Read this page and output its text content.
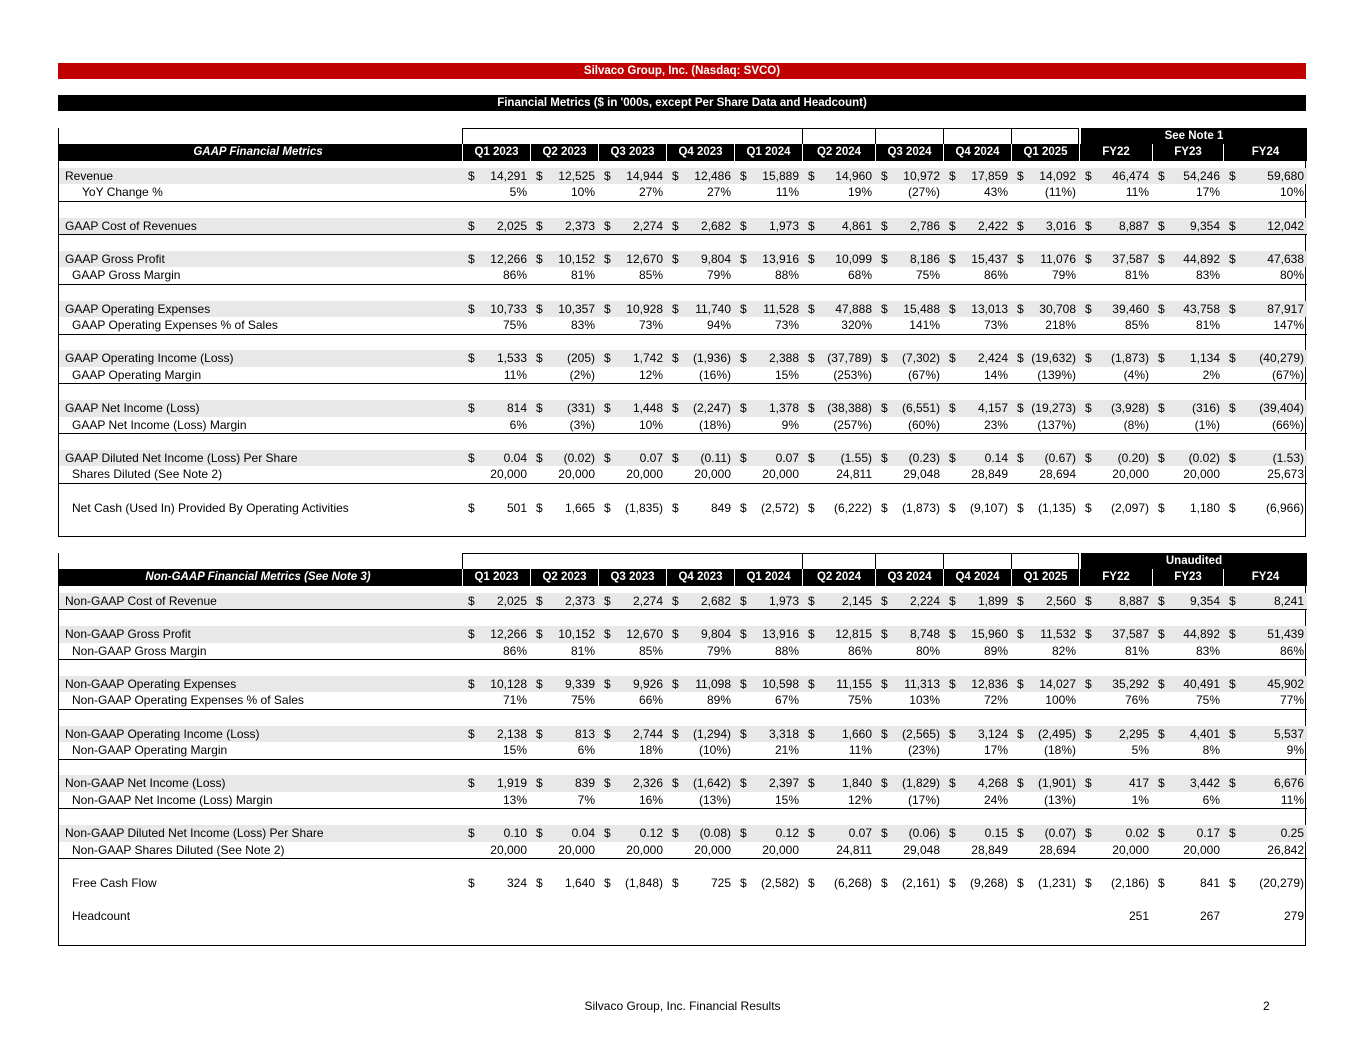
Silvaco Group, Inc. (Nasdaq: SVCO)
Financial Metrics ($ in '000s, except Per Share Data and Headcount)
See Note 1
GAAP Financial Metrics	Q1 2023	Q2 2023	Q3 2023	Q4 2023	Q1 2024	Q2 2024	Q3 2024	Q4 2024	Q1 2025	FY22	FY23	FY24
Revenue	$	14,291	$	12,525	$	14,944	$	12,486	$	15,889	$	14,960	$	10,972	$	17,859	$	14,092	$	46,474	$	54,246	$	59,680
YoY Change %		5%		10%		27%		27%		11%		19%		(27%)		43%		(11%)		11%		17%		10%

GAAP Cost of Revenues	$	2,025	$	2,373	$	2,274	$	2,682	$	1,973	$	4,861	$	2,786	$	2,422	$	3,016	$	8,887	$	9,354	$	12,042

GAAP Gross Profit	$	12,266	$	10,152	$	12,670	$	9,804	$	13,916	$	10,099	$	8,186	$	15,437	$	11,076	$	37,587	$	44,892	$	47,638
GAAP Gross Margin		86%		81%		85%		79%		88%		68%		75%		86%		79%		81%		83%		80%

GAAP Operating Expenses	$	10,733	$	10,357	$	10,928	$	11,740	$	11,528	$	47,888	$	15,488	$	13,013	$	30,708	$	39,460	$	43,758	$	87,917
GAAP Operating Expenses % of Sales		75%		83%		73%		94%		73%		320%		141%		73%		218%		85%		81%		147%

GAAP Operating Income (Loss)	$	1,533	$	(205)	$	1,742	$	(1,936)	$	2,388	$	(37,789)	$	(7,302)	$	2,424	$	(19,632)	$	(1,873)	$	1,134	$	(40,279)
GAAP Operating Margin		11%		(2%)		12%		(16%)		15%		(253%)		(67%)		14%		(139%)		(4%)		2%		(67%)

GAAP Net Income (Loss)	$	814	$	(331)	$	1,448	$	(2,247)	$	1,378	$	(38,388)	$	(6,551)	$	4,157	$	(19,273)	$	(3,928)	$	(316)	$	(39,404)
GAAP Net Income (Loss) Margin		6%		(3%)		10%		(18%)		9%		(257%)		(60%)		23%		(137%)		(8%)		(1%)		(66%)

GAAP Diluted Net Income (Loss) Per Share	$	0.04	$	(0.02)	$	0.07	$	(0.11)	$	0.07	$	(1.55)	$	(0.23)	$	0.14	$	(0.67)	$	(0.20)	$	(0.02)	$	(1.53)
Shares Diluted (See Note 2)		20,000		20,000		20,000		20,000		20,000		24,811		29,048		28,849		28,694		20,000		20,000		25,673

Net Cash (Used In) Provided By Operating Activities	$	501	$	1,665	$	(1,835)	$	849	$	(2,572)	$	(6,222)	$	(1,873)	$	(9,107)	$	(1,135)	$	(2,097)	$	1,180	$	(6,966)
Unaudited
Non-GAAP Financial Metrics (See Note 3)	Q1 2023	Q2 2023	Q3 2023	Q4 2023	Q1 2024	Q2 2024	Q3 2024	Q4 2024	Q1 2025	FY22	FY23	FY24
Non-GAAP Cost of Revenue	$	2,025	$	2,373	$	2,274	$	2,682	$	1,973	$	2,145	$	2,224	$	1,899	$	2,560	$	8,887	$	9,354	$	8,241

Non-GAAP Gross Profit	$	12,266	$	10,152	$	12,670	$	9,804	$	13,916	$	12,815	$	8,748	$	15,960	$	11,532	$	37,587	$	44,892	$	51,439
Non-GAAP Gross Margin		86%		81%		85%		79%		88%		86%		80%		89%		82%		81%		83%		86%

Non-GAAP Operating Expenses	$	10,128	$	9,339	$	9,926	$	11,098	$	10,598	$	11,155	$	11,313	$	12,836	$	14,027	$	35,292	$	40,491	$	45,902
Non-GAAP Operating Expenses % of Sales		71%		75%		66%		89%		67%		75%		103%		72%		100%		76%		75%		77%

Non-GAAP Operating Income (Loss)	$	2,138	$	813	$	2,744	$	(1,294)	$	3,318	$	1,660	$	(2,565)	$	3,124	$	(2,495)	$	2,295	$	4,401	$	5,537
Non-GAAP Operating Margin		15%		6%		18%		(10%)		21%		11%		(23%)		17%		(18%)		5%		8%		9%

Non-GAAP Net Income (Loss)	$	1,919	$	839	$	2,326	$	(1,642)	$	2,397	$	1,840	$	(1,829)	$	4,268	$	(1,901)	$	417	$	3,442	$	6,676
Non-GAAP Net Income (Loss) Margin		13%		7%		16%		(13%)		15%		12%		(17%)		24%		(13%)		1%		6%		11%

Non-GAAP Diluted Net Income (Loss) Per Share	$	0.10	$	0.04	$	0.12	$	(0.08)	$	0.12	$	0.07	$	(0.06)	$	0.15	$	(0.07)	$	0.02	$	0.17	$	0.25
Non-GAAP Shares Diluted (See Note 2)		20,000		20,000		20,000		20,000		20,000		24,811		29,048		28,849		28,694		20,000		20,000		26,842

Free Cash Flow	$	324	$	1,640	$	(1,848)	$	725	$	(2,582)	$	(6,268)	$	(2,161)	$	(9,268)	$	(1,231)	$	(2,186)	$	841	$	(20,279)

Headcount																				251		267		279
Silvaco Group, Inc. Financial Results	2
